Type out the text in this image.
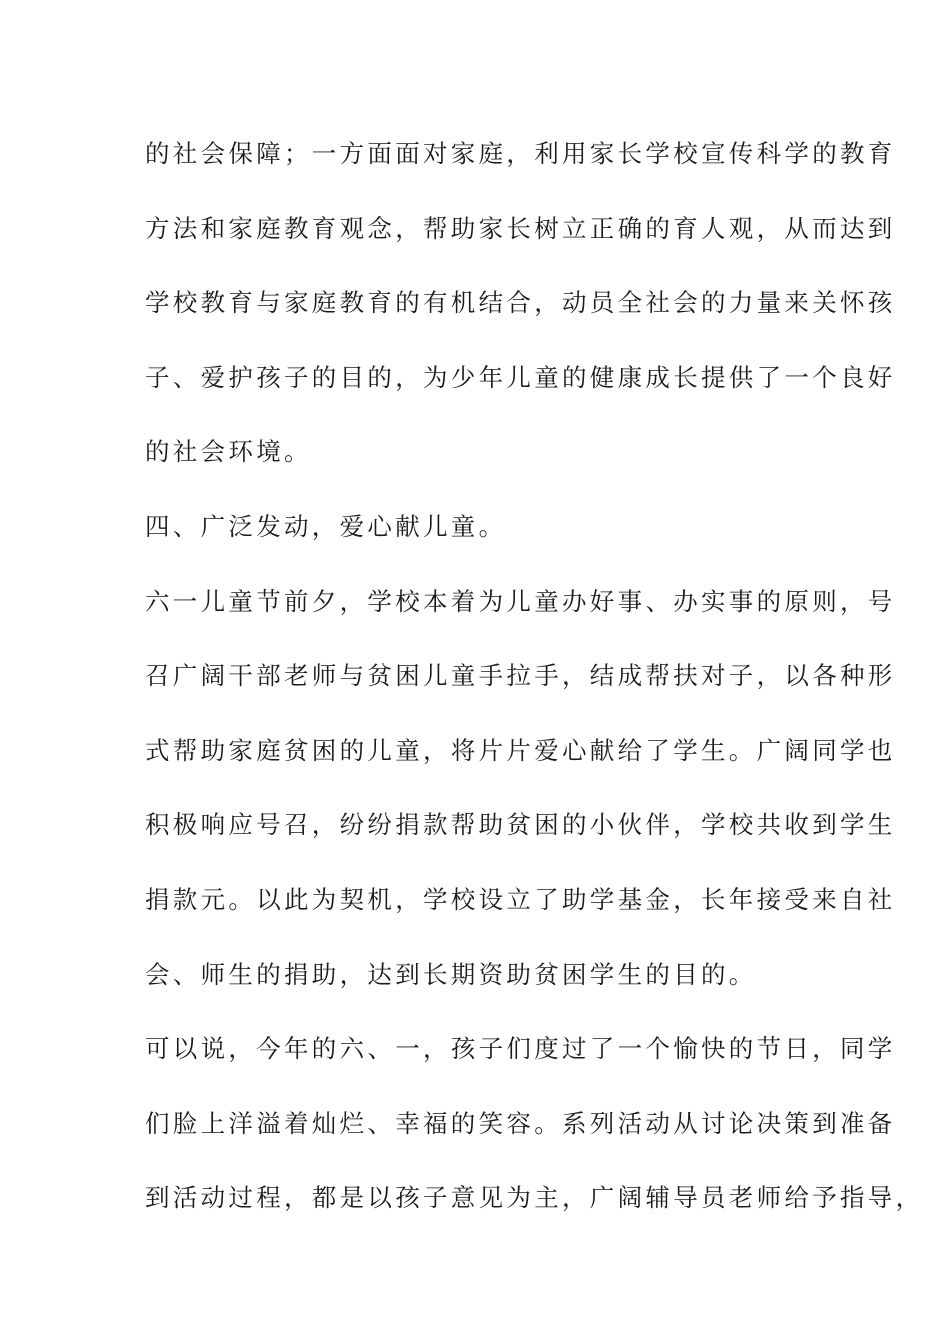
的社会保障；一方面面对家庭，利用家长学校宣传科学的教育
方法和家庭教育观念，帮助家长树立正确的育人观，从而达到
学校教育与家庭教育的有机结合，动员全社会的力量来关怀孩
子、爱护孩子的目的，为少年儿童的健康成长提供了一个良好
的社会环境。
四、广泛发动，爱心献儿童。
六一儿童节前夕，学校本着为儿童办好事、办实事的原则，号
召广阔干部老师与贫困儿童手拉手，结成帮扶对子，以各种形
式帮助家庭贫困的儿童，将片片爱心献给了学生。广阔同学也
积极响应号召，纷纷捐款帮助贫困的小伙伴，学校共收到学生
捐款元。以此为契机，学校设立了助学基金，长年接受来自社
会、师生的捐助，达到长期资助贫困学生的目的。
可以说，今年的六、一，孩子们度过了一个愉快的节日，同学
们脸上洋溢着灿烂、幸福的笑容。系列活动从讨论决策到准备
到活动过程，都是以孩子意见为主，广阔辅导员老师给予指导，
